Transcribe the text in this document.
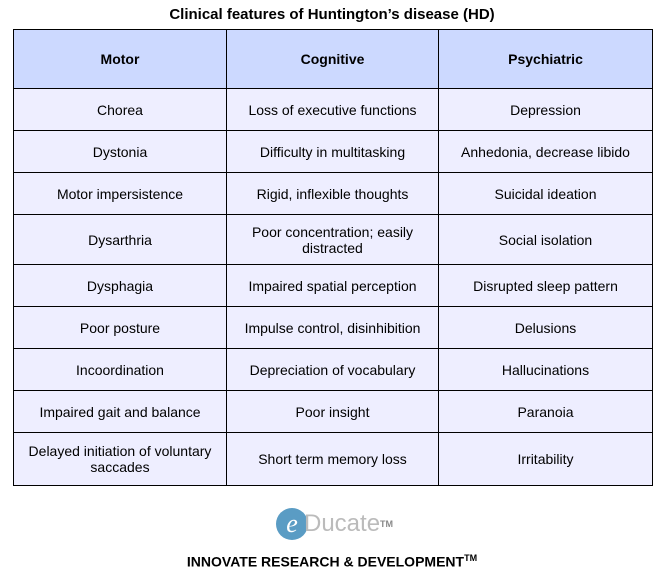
Clinical features of Huntington’s disease (HD)
Motor	Cognitive	Psychiatric
Chorea	Loss of executive functions	Depression
Dystonia	Difficulty in multitasking	Anhedonia, decrease libido
Motor impersistence	Rigid, inflexible thoughts	Suicidal ideation
Dysarthria	Poor concentration; easily distracted	Social isolation
Dysphagia	Impaired spatial perception	Disrupted sleep pattern
Poor posture	Impulse control, disinhibition	Delusions
Incoordination	Depreciation of vocabulary	Hallucinations
Impaired gait and balance	Poor insight	Paranoia
Delayed initiation of voluntary saccades	Short term memory loss	Irritability
e Ducate TM
INNOVATE RESEARCH & DEVELOPMENT™
